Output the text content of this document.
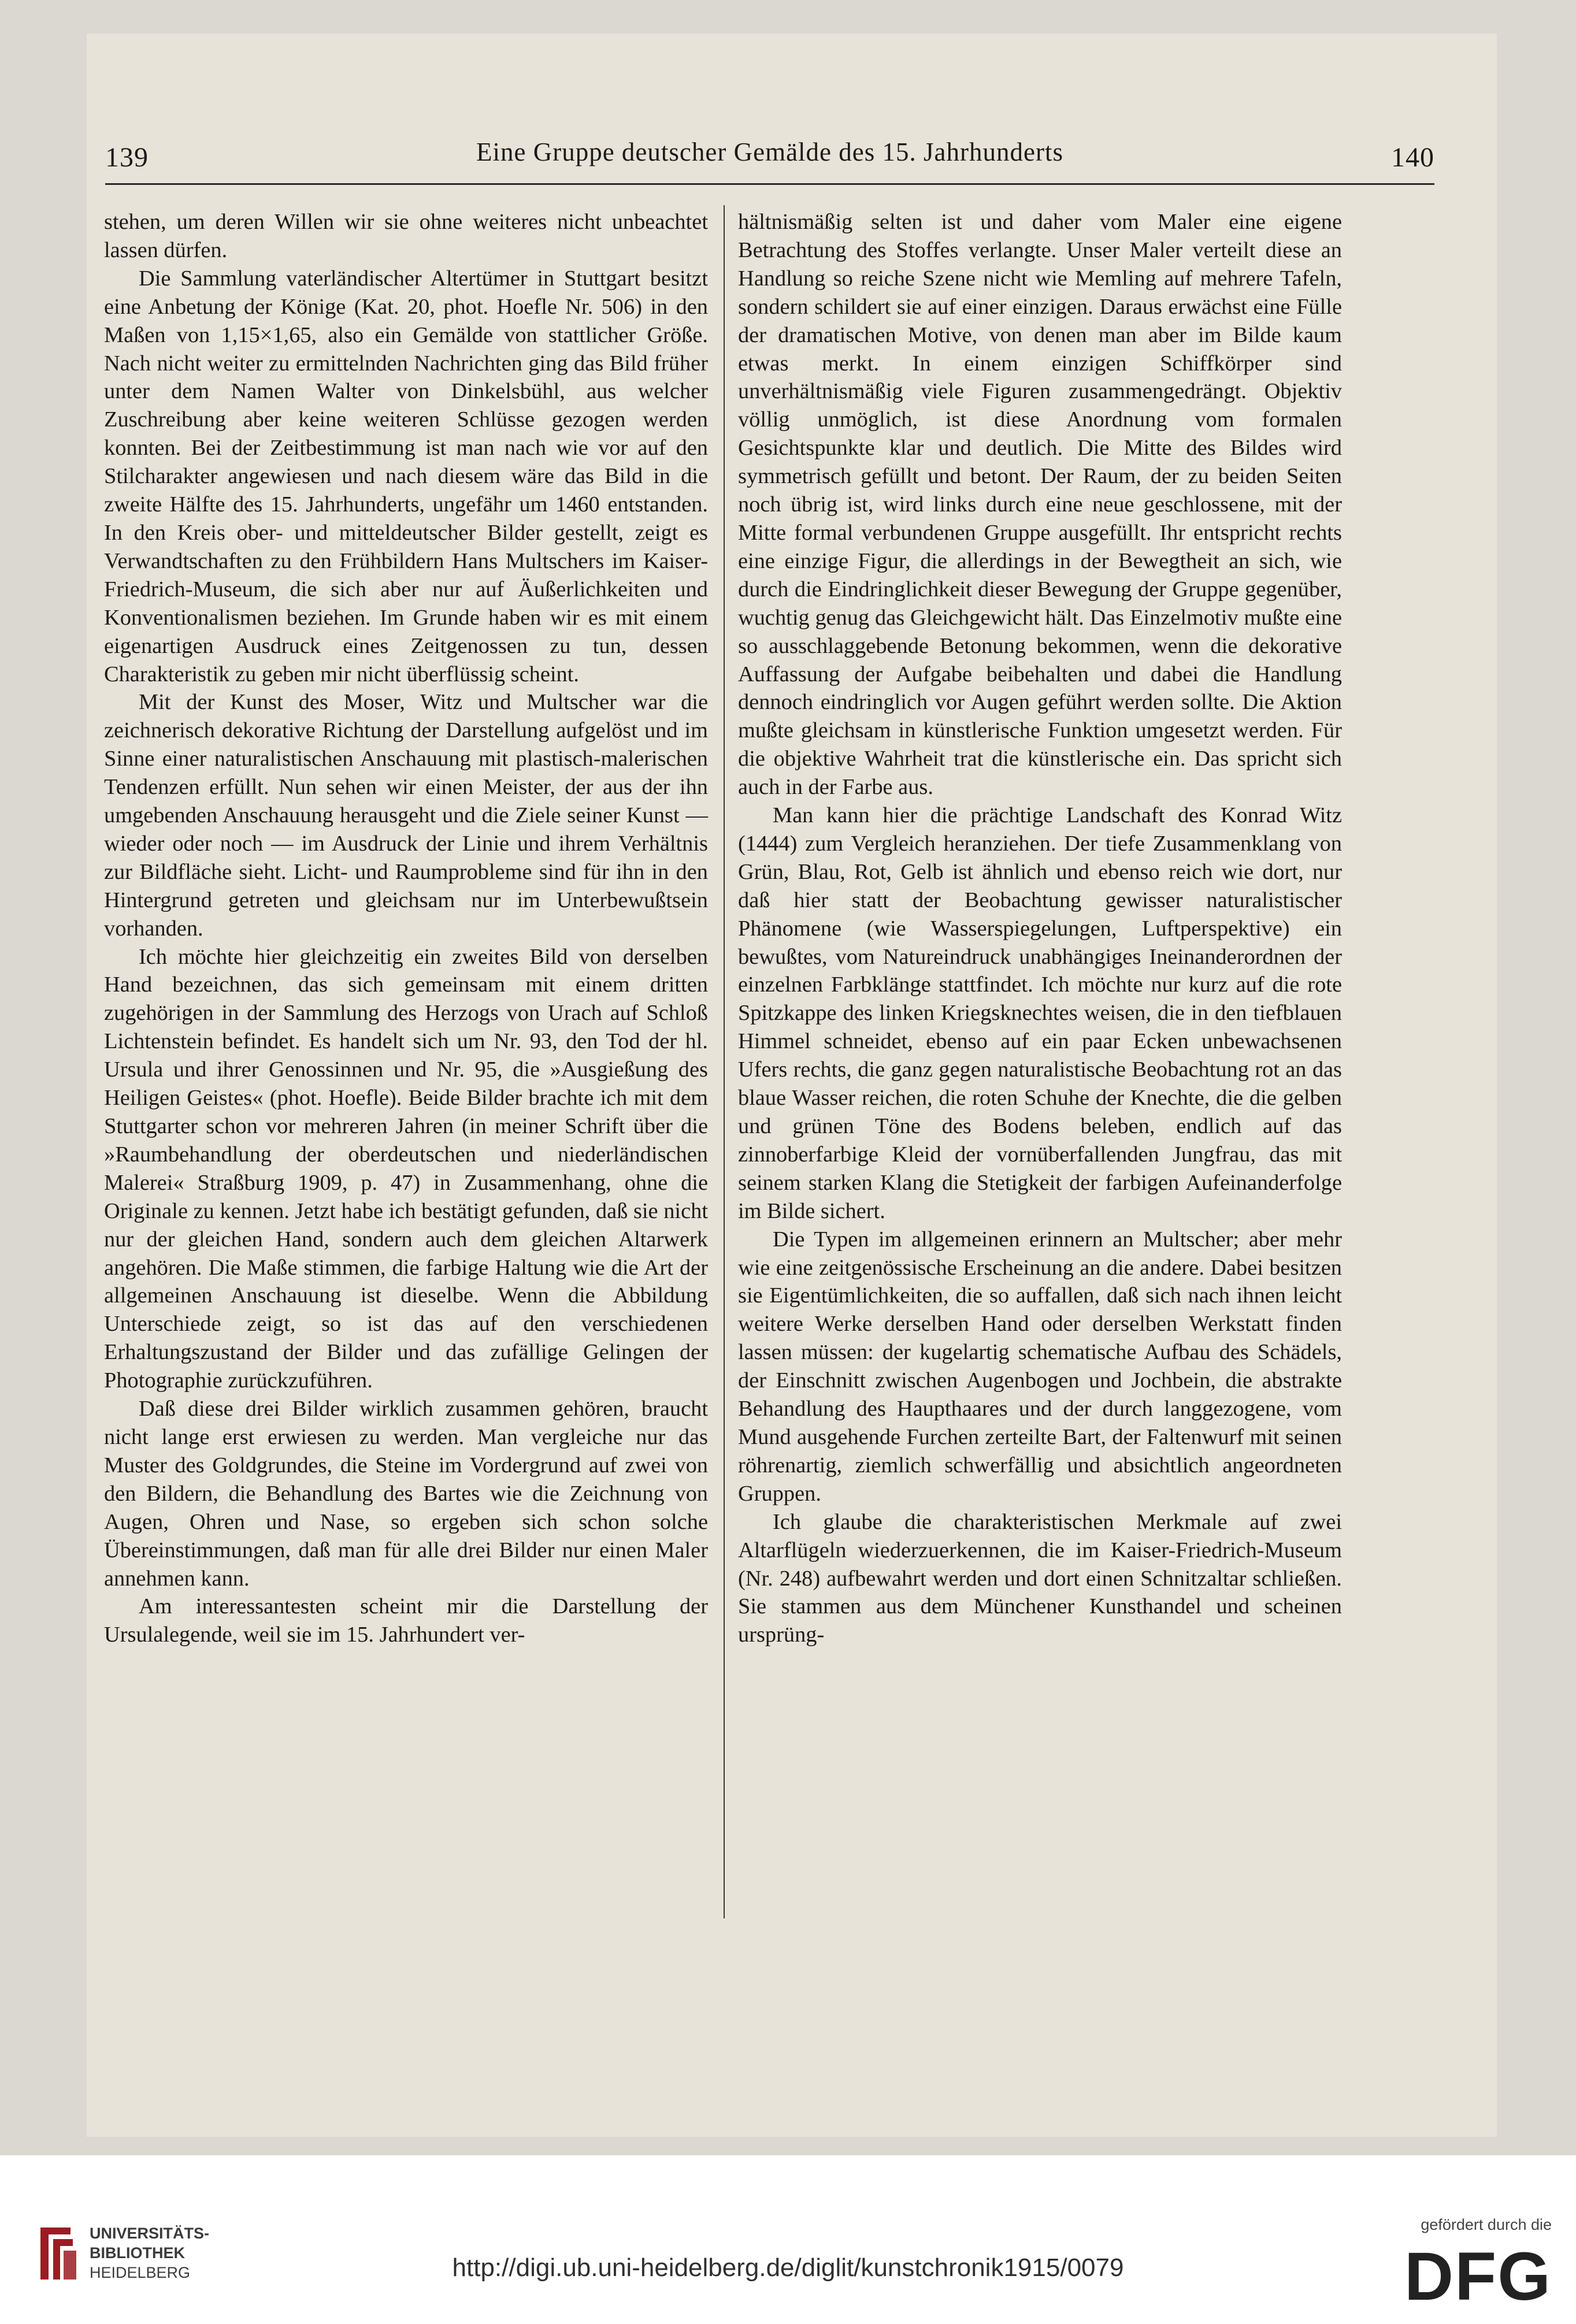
139	Eine Gruppe deutscher Gemälde des 15. Jahrhunderts	140

stehen, um deren Willen wir sie ohne weiteres nicht unbeachtet lassen dürfen.

Die Sammlung vaterländischer Altertümer in Stuttgart besitzt eine Anbetung der Könige (Kat. 20, phot. Hoefle Nr. 506) in den Maßen von 1,15×1,65, also ein Gemälde von stattlicher Größe. Nach nicht weiter zu ermittelnden Nachrichten ging das Bild früher unter dem Namen Walter von Dinkelsbühl, aus welcher Zuschreibung aber keine weiteren Schlüsse gezogen werden konnten. Bei der Zeitbestimmung ist man nach wie vor auf den Stilcharakter angewiesen und nach diesem wäre das Bild in die zweite Hälfte des 15. Jahrhunderts, ungefähr um 1460 entstanden. In den Kreis ober- und mitteldeutscher Bilder gestellt, zeigt es Verwandtschaften zu den Frühbildern Hans Multschers im Kaiser-Friedrich-Museum, die sich aber nur auf Äußerlichkeiten und Konventionalismen beziehen. Im Grunde haben wir es mit einem eigenartigen Ausdruck eines Zeitgenossen zu tun, dessen Charakteristik zu geben mir nicht überflüssig scheint.

Mit der Kunst des Moser, Witz und Multscher war die zeichnerisch dekorative Richtung der Darstellung aufgelöst und im Sinne einer naturalistischen Anschauung mit plastisch-malerischen Tendenzen erfüllt. Nun sehen wir einen Meister, der aus der ihn umgebenden Anschauung herausgeht und die Ziele seiner Kunst — wieder oder noch — im Ausdruck der Linie und ihrem Verhältnis zur Bildfläche sieht. Licht- und Raumprobleme sind für ihn in den Hintergrund getreten und gleichsam nur im Unterbewußtsein vorhanden.

Ich möchte hier gleichzeitig ein zweites Bild von derselben Hand bezeichnen, das sich gemeinsam mit einem dritten zugehörigen in der Sammlung des Herzogs von Urach auf Schloß Lichtenstein befindet. Es handelt sich um Nr. 93, den Tod der hl. Ursula und ihrer Genossinnen und Nr. 95, die »Ausgießung des Heiligen Geistes« (phot. Hoefle). Beide Bilder brachte ich mit dem Stuttgarter schon vor mehreren Jahren (in meiner Schrift über die »Raumbehandlung der oberdeutschen und niederländischen Malerei« Straßburg 1909, p. 47) in Zusammenhang, ohne die Originale zu kennen. Jetzt habe ich bestätigt gefunden, daß sie nicht nur der gleichen Hand, sondern auch dem gleichen Altarwerk angehören. Die Maße stimmen, die farbige Haltung wie die Art der allgemeinen Anschauung ist dieselbe. Wenn die Abbildung Unterschiede zeigt, so ist das auf den verschiedenen Erhaltungszustand der Bilder und das zufällige Gelingen der Photographie zurückzuführen.

Daß diese drei Bilder wirklich zusammen gehören, braucht nicht lange erst erwiesen zu werden. Man vergleiche nur das Muster des Goldgrundes, die Steine im Vordergrund auf zwei von den Bildern, die Behandlung des Bartes wie die Zeichnung von Augen, Ohren und Nase, so ergeben sich schon solche Übereinstimmungen, daß man für alle drei Bilder nur einen Maler annehmen kann.

Am interessantesten scheint mir die Darstellung der Ursulalegende, weil sie im 15. Jahrhundert ver-

hältnismäßig selten ist und daher vom Maler eine eigene Betrachtung des Stoffes verlangte. Unser Maler verteilt diese an Handlung so reiche Szene nicht wie Memling auf mehrere Tafeln, sondern schildert sie auf einer einzigen. Daraus erwächst eine Fülle der dramatischen Motive, von denen man aber im Bilde kaum etwas merkt. In einem einzigen Schiffkörper sind unverhältnismäßig viele Figuren zusammengedrängt. Objektiv völlig unmöglich, ist diese Anordnung vom formalen Gesichtspunkte klar und deutlich. Die Mitte des Bildes wird symmetrisch gefüllt und betont. Der Raum, der zu beiden Seiten noch übrig ist, wird links durch eine neue geschlossene, mit der Mitte formal verbundenen Gruppe ausgefüllt. Ihr entspricht rechts eine einzige Figur, die allerdings in der Bewegtheit an sich, wie durch die Eindringlichkeit dieser Bewegung der Gruppe gegenüber, wuchtig genug das Gleichgewicht hält. Das Einzelmotiv mußte eine so ausschlaggebende Betonung bekommen, wenn die dekorative Auffassung der Aufgabe beibehalten und dabei die Handlung dennoch eindringlich vor Augen geführt werden sollte. Die Aktion mußte gleichsam in künstlerische Funktion umgesetzt werden. Für die objektive Wahrheit trat die künstlerische ein. Das spricht sich auch in der Farbe aus.

Man kann hier die prächtige Landschaft des Konrad Witz (1444) zum Vergleich heranziehen. Der tiefe Zusammenklang von Grün, Blau, Rot, Gelb ist ähnlich und ebenso reich wie dort, nur daß hier statt der Beobachtung gewisser naturalistischer Phänomene (wie Wasserspiegelungen, Luftperspektive) ein bewußtes, vom Natureindruck unabhängiges Ineinanderordnen der einzelnen Farbklänge stattfindet. Ich möchte nur kurz auf die rote Spitzkappe des linken Kriegsknechtes weisen, die in den tiefblauen Himmel schneidet, ebenso auf ein paar Ecken unbewachsenen Ufers rechts, die ganz gegen naturalistische Beobachtung rot an das blaue Wasser reichen, die roten Schuhe der Knechte, die die gelben und grünen Töne des Bodens beleben, endlich auf das zinnoberfarbige Kleid der vornüberfallenden Jungfrau, das mit seinem starken Klang die Stetigkeit der farbigen Aufeinanderfolge im Bilde sichert.

Die Typen im allgemeinen erinnern an Multscher; aber mehr wie eine zeitgenössische Erscheinung an die andere. Dabei besitzen sie Eigentümlichkeiten, die so auffallen, daß sich nach ihnen leicht weitere Werke derselben Hand oder derselben Werkstatt finden lassen müssen: der kugelartig schematische Aufbau des Schädels, der Einschnitt zwischen Augenbogen und Jochbein, die abstrakte Behandlung des Haupthaares und der durch langgezogene, vom Mund ausgehende Furchen zerteilte Bart, der Faltenwurf mit seinen röhrenartig, ziemlich schwerfällig und absichtlich angeordneten Gruppen.

Ich glaube die charakteristischen Merkmale auf zwei Altarflügeln wiederzuerkennen, die im Kaiser-Friedrich-Museum (Nr. 248) aufbewahrt werden und dort einen Schnitzaltar schließen. Sie stammen aus dem Münchener Kunsthandel und scheinen ursprüng-

UNIVERSITÄTS-
BIBLIOTHEK
HEIDELBERG	http://digi.ub.uni-heidelberg.de/diglit/kunstchronik1915/0079
gefördert durch die
DFG
